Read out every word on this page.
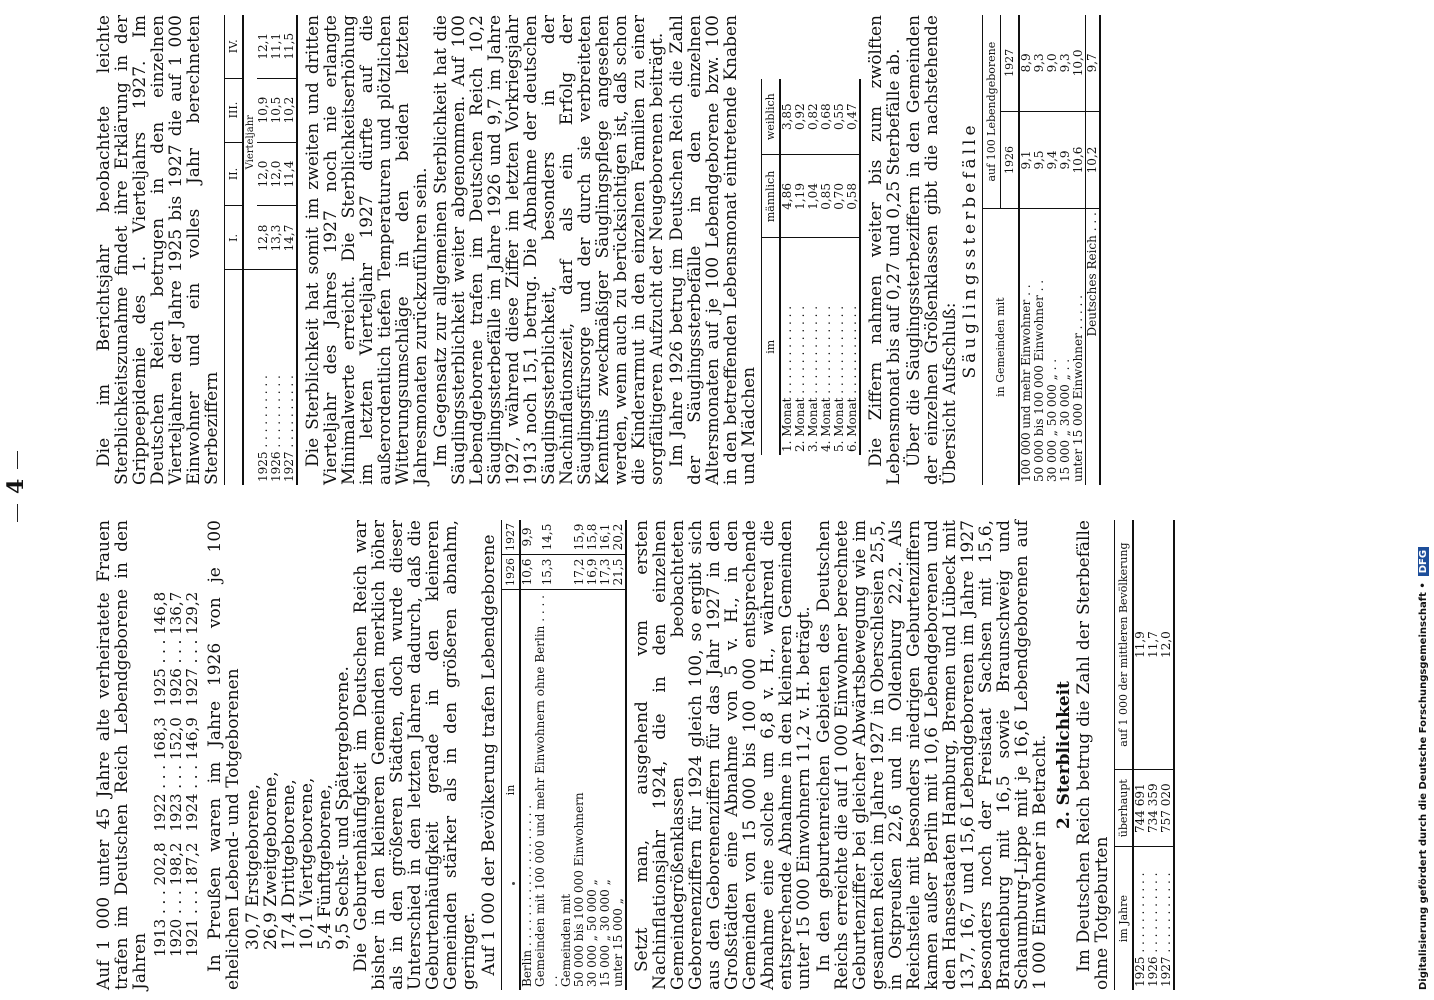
4

Auf 1 000 unter 45 Jahre alte verheiratete Frauen trafen im Deutschen Reich Lebendgeborene in den Jahren

1913 . . . 202,8	1922 . . . 168,3	1925 . . . 146,8
1920 . . . 198,2	1923 . . . 152,0	1926 . . . 136,7
1921 . . . 187,2	1924 . . . 146,9	1927 . . . 129,2 In Preußen waren im Jahre 1926 von je 100 ehelichen Lebend- und Totgeborenen 30,7 Erstgeborene,
26,9 Zweitgeborene,
17,4 Drittgeborene,
10,1 Viertgeborene,
5,4 Fünftgeborene,
9,5 Sechst- und Spätergeborene.

Die Geburtenhäufigkeit im Deutschen Reich war bisher in den kleineren Gemeinden merklich höher als in den größeren Städten, doch wurde dieser Unterschied in den letzten Jahren dadurch, daß die Geburtenhäufigkeit gerade in den kleineren Gemeinden stärker als in den größeren abnahm, geringer. Auf 1 000 der Bevölkerung trafen Lebendgeborene in	1926	1927
Berlin . . . . . . . . . . . . . . . . . . .	10,6	9,9
Gemeinden mit 100 000 und mehr Einwohnern ohne Berlin . . . . . .	15,3	14,5
Gemeinden mit		
50 000 bis 100 000 Einwohnern	17,2	15,9
30 000 „ 50 000 „	16,9	15,8
15 000 „ 30 000 „	17,3	16,1
unter 15 000 „	21,5	20,2 Setzt man, ausgehend vom ersten Nachinflationsjahr 1924, die in den einzelnen Gemeindegrößenklassen beobachteten Geborenenziffern für 1924 gleich 100, so ergibt sich aus den Geborenenziffern für das Jahr 1927 in den Großstädten eine Abnahme von 5 v. H., in den Gemeinden von 15 000 bis 100 000 entsprechende Abnahme eine solche um 6,8 v. H., während die entsprechende Abnahme in den kleineren Gemeinden unter 15 000 Einwohnern 11,2 v. H. beträgt. In den geburtenreichen Gebieten des Deutschen Reichs erreichte die auf 1 000 Einwohner berechnete Geburtenziffer bei gleicher Abwärtsbewegung wie im gesamten Reich im Jahre 1927 in Oberschlesien 25,5, in Ostpreußen 22,6 und in Oldenburg 22,2. Als Reichsteile mit besonders niedrigen Geburtenziffern kamen außer Berlin mit 10,6 Lebendgeborenen und den Hansestaaten Hamburg, Bremen und Lübeck mit 13,7, 16,7 und 15,6 Lebendgeborenen im Jahre 1927 besonders noch der Freistaat Sachsen mit 15,6, Brandenburg mit 16,5 sowie Braunschweig und Schaumburg-Lippe mit je 16,6 Lebendgeborenen auf 1 000 Einwohner in Betracht. 2. Sterblichkeit Im Deutschen Reich betrug die Zahl der Sterbefälle ohne Totgeburten im Jahre	überhaupt	auf 1 000 der mittleren Bevölkerung
1925 . . . . . . . . . . .	744 691	11,9
1926 . . . . . . . . . . .	734 359	11,7
1927 . . . . . . . . . . .	757 020	12,0

Die im Berichtsjahr beobachtete leichte Sterblichkeitszunahme findet ihre Erklärung in der Grippeepidemie des 1. Vierteljahrs 1927. Im Deutschen Reich betrugen in den einzelnen Vierteljahren der Jahre 1925 bis 1927 die auf 1 000 Einwohner und ein volles Jahr berechneten Sterbeziffern

	I.	II.	III.	IV.
	Vierteljahr			
1925 . . . . . . . . . .	12,8	12,0	10,9	12,1
1926 . . . . . . . . . .	13,3	12,0	10,5	11,1
1927 . . . . . . . . . .	14,7	11,4	10,2	11,5 Die Sterblichkeit hat somit im zweiten und dritten Vierteljahr des Jahres 1927 noch nie erlangte Minimalwerte erreicht. Die Sterblichkeitserhöhung im letzten Vierteljahr 1927 dürfte auf die außerordentlich tiefen Temperaturen und plötzlichen Witterungsumschläge in den beiden letzten Jahresmonaten zurückzuführen sein. Im Gegensatz zur allgemeinen Sterblichkeit hat die Säuglingssterblichkeit weiter abgenommen. Auf 100 Lebendgeborene trafen im Deutschen Reich 10,2 Säuglingssterbefälle im Jahre 1926 und 9,7 im Jahre 1927, während diese Ziffer im letzten Vorkriegsjahr 1913 noch 15,1 betrug. Die Abnahme der deutschen Säuglingssterblichkeit, besonders in der Nachinflationszeit, darf als ein Erfolg der Säuglingsfürsorge und der durch sie verbreiteten Kenntnis zweckmäßiger Säuglingspflege angesehen werden, wenn auch zu berücksichtigen ist, daß schon die Kinderarmut in den einzelnen Familien zu einer sorgfältigeren Aufzucht der Neugeborenen beiträgt. Im Jahre 1926 betrug im Deutschen Reich die Zahl der Säuglingssterbefälle in den einzelnen Altersmonaten auf je 100 Lebendgeborene bzw. 100 in den betreffenden Lebensmonat eintretende Knaben und Mädchen

im	männlich	weiblich
1. Monat . . . . . . . . . . . .	4,86	3,85
2. Monat . . . . . . . . . . . .	1,19	0,92
3. Monat . . . . . . . . . . . .	1,04	0,82
4. Monat . . . . . . . . . . . .	0,85	0,68
5. Monat . . . . . . . . . . . .	0,70	0,55
6. Monat . . . . . . . . . . . .	0,58	0,47 Die Ziffern nahmen weiter bis zum zwölften Lebensmonat bis auf 0,27 und 0,25 Sterbefälle ab. Über die Säuglingssterbeziffern in den Gemeinden der einzelnen Größenklassen gibt die nachstehende Übersicht Aufschluß:

Säuglingssterbefälle in Gemeinden mit	auf 100 Lebendgeborene	
	1926	1927
100 000 und mehr Einwohner . .	9,1	8,9
50 000 bis 100 000 Einwohner . .	9,5	9,3
30 000 „ 50 000 „ . .	9,4	9,0
15 000 „ 30 000 „ . .	9,9	9,3
unter 15 000 Einwohner . . . . .	10,6	10,0
Deutsches Reich . . .	10,2	9,7
Digitalisierung gefördert durch die Deutsche Forschungsgemeinschaft •DFG
